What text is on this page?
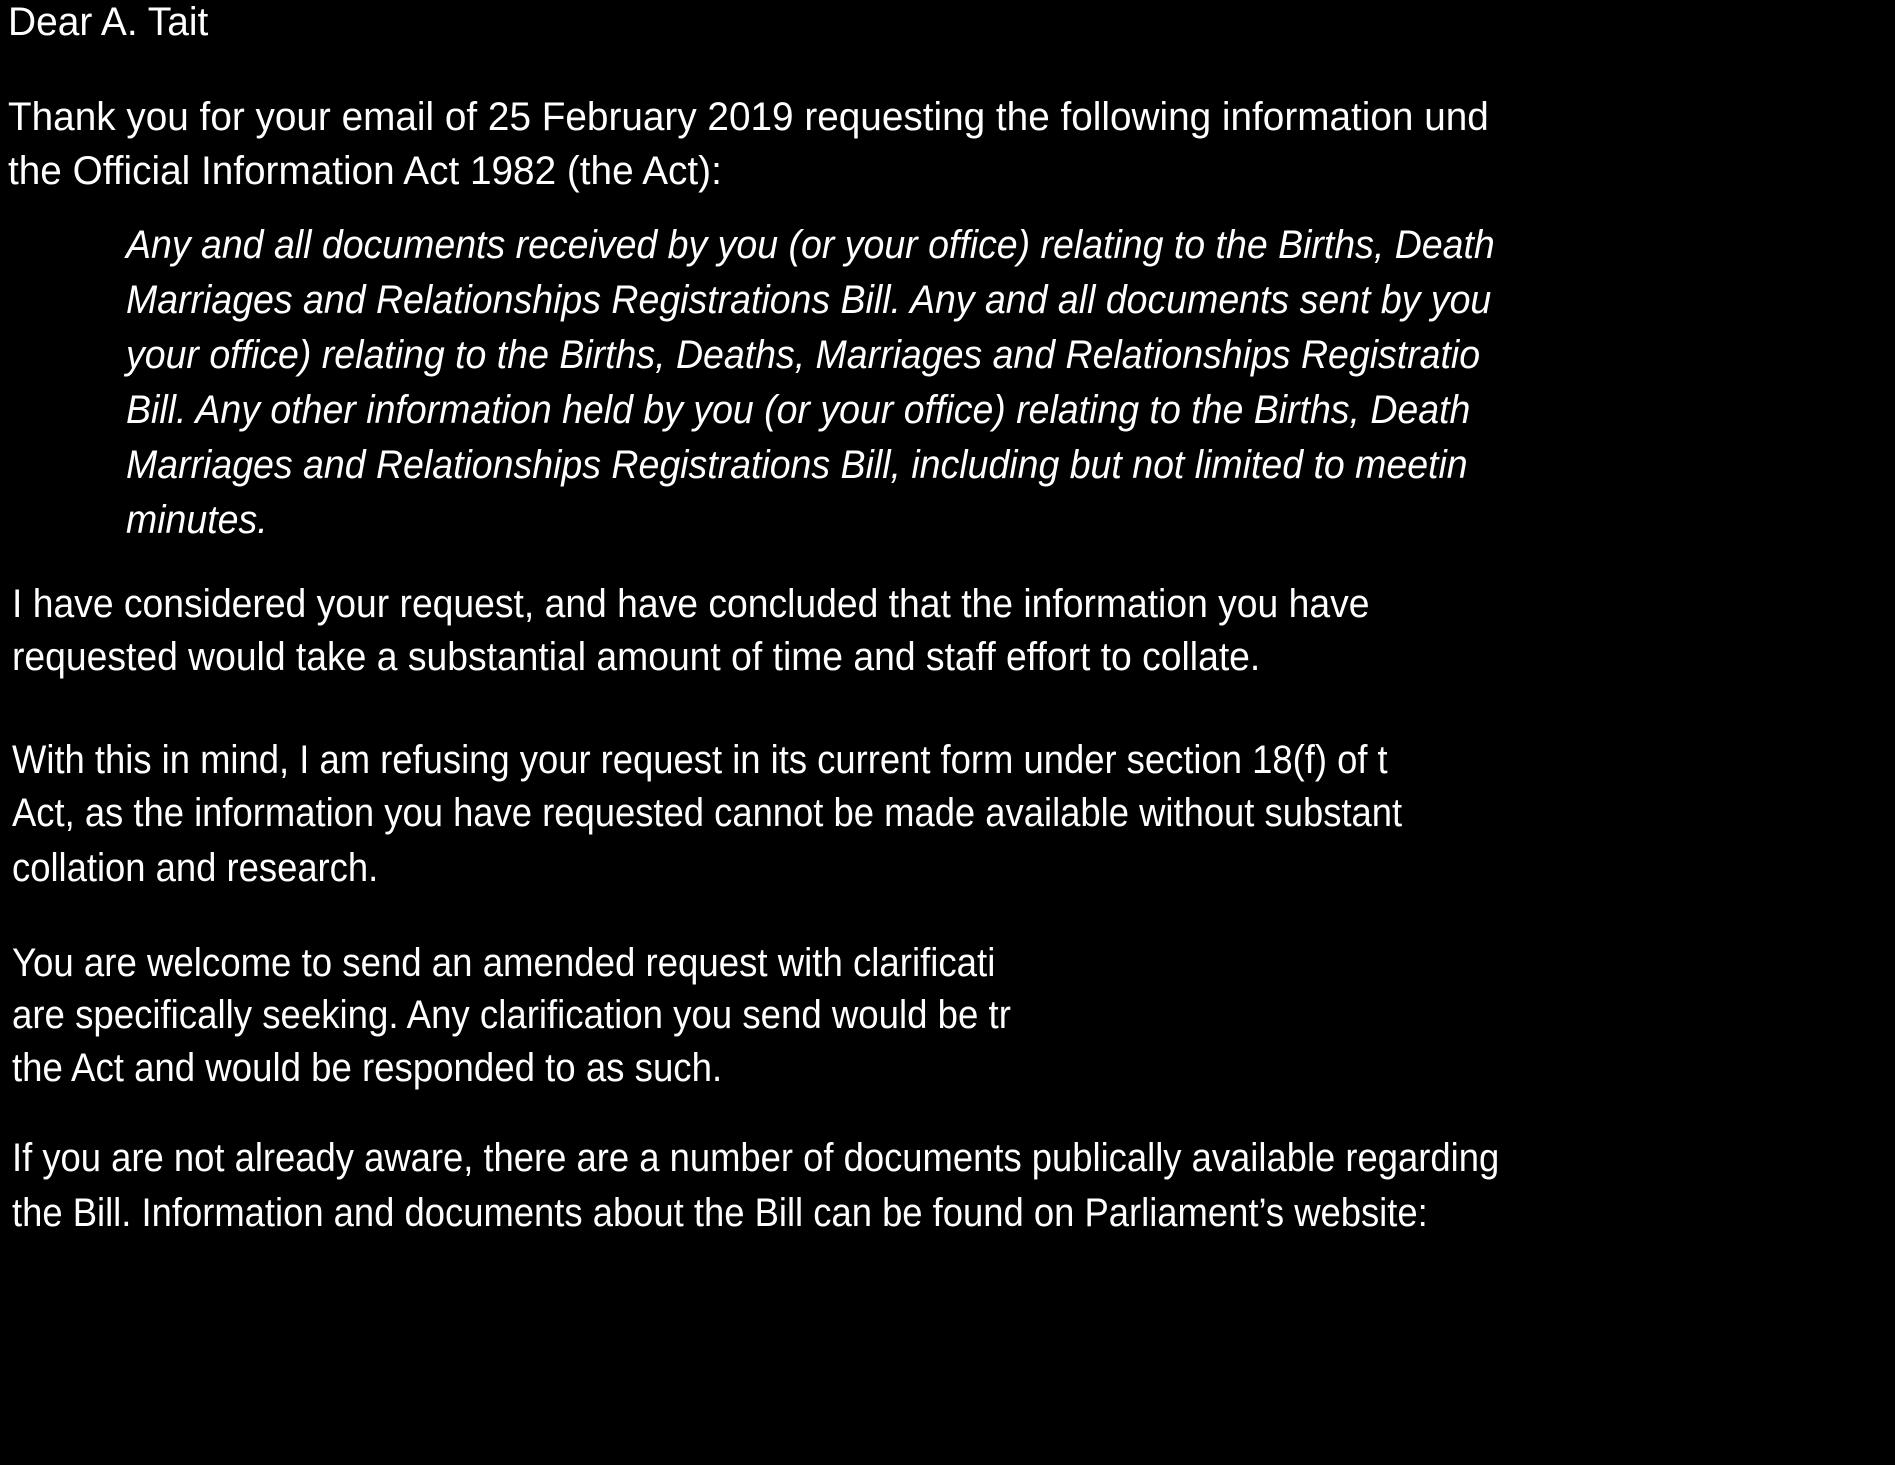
Dear A. Tait
Thank you for your email of 25 February 2019 requesting the following information und
the Official Information Act 1982 (the Act):
Any and all documents received by you (or your office) relating to the Births, Death
Marriages and Relationships Registrations Bill. Any and all documents sent by you
your office) relating to the Births, Deaths, Marriages and Relationships Registratio
Bill. Any other information held by you (or your office) relating to the Births, Death
Marriages and Relationships Registrations Bill, including but not limited to meetin
minutes.
I have considered your request, and have concluded that the information you have
requested would take a substantial amount of time and staff effort to collate.
With this in mind, I am refusing your request in its current form under section 18(f) of t
Act, as the information you have requested cannot be made available without substant
collation and research.
You are welcome to send an amended request with clarificati
are specifically seeking. Any clarification you send would be tr
the Act and would be responded to as such.
If you are not already aware, there are a number of documents publically available regarding
the Bill. Information and documents about the Bill can be found on Parliament’s website:
